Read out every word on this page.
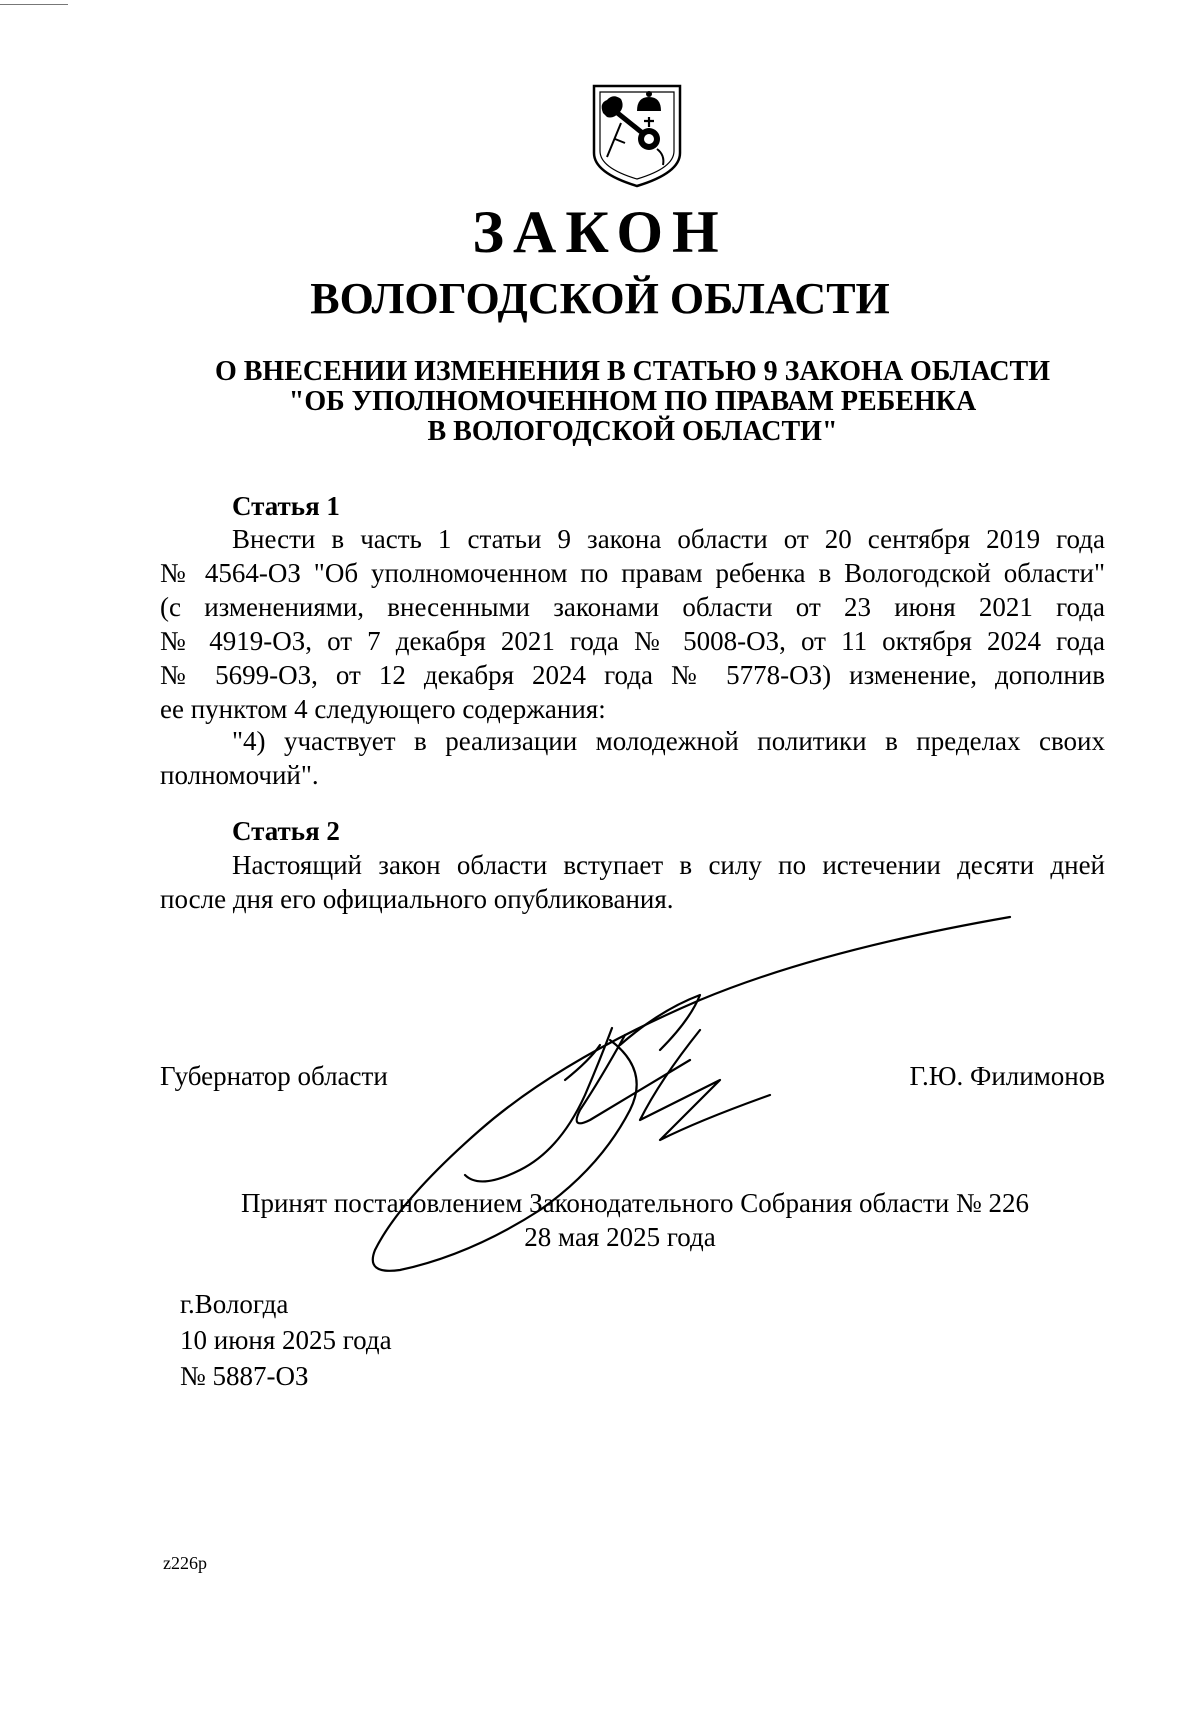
ЗАКОН
ВОЛОГОДСКОЙ ОБЛАСТИ
О ВНЕСЕНИИ ИЗМЕНЕНИЯ В СТАТЬЮ 9 ЗАКОНА ОБЛАСТИ
"ОБ УПОЛНОМОЧЕННОМ ПО ПРАВАМ РЕБЕНКА
В ВОЛОГОДСКОЙ ОБЛАСТИ"
Статья 1
Внести в часть 1 статьи 9 закона области от 20 сентября 2019 года
№ 4564-ОЗ "Об уполномоченном по правам ребенка в Вологодской области"
(с изменениями, внесенными законами области от 23 июня 2021 года
№ 4919-ОЗ, от 7 декабря 2021 года № 5008-ОЗ, от 11 октября 2024 года
№ 5699-ОЗ, от 12 декабря 2024 года № 5778-ОЗ) изменение, дополнив
ее пунктом 4 следующего содержания:
"4) участвует в реализации молодежной политики в пределах своих
полномочий".
Статья 2
Настоящий закон области вступает в силу по истечении десяти дней
после дня его официального опубликования.
Губернатор области	Г.Ю. Филимонов
Принят постановлением Законодательного Собрания области № 226
28 мая 2025 года
г.Вологда
10 июня 2025 года
№ 5887-ОЗ
z226p
